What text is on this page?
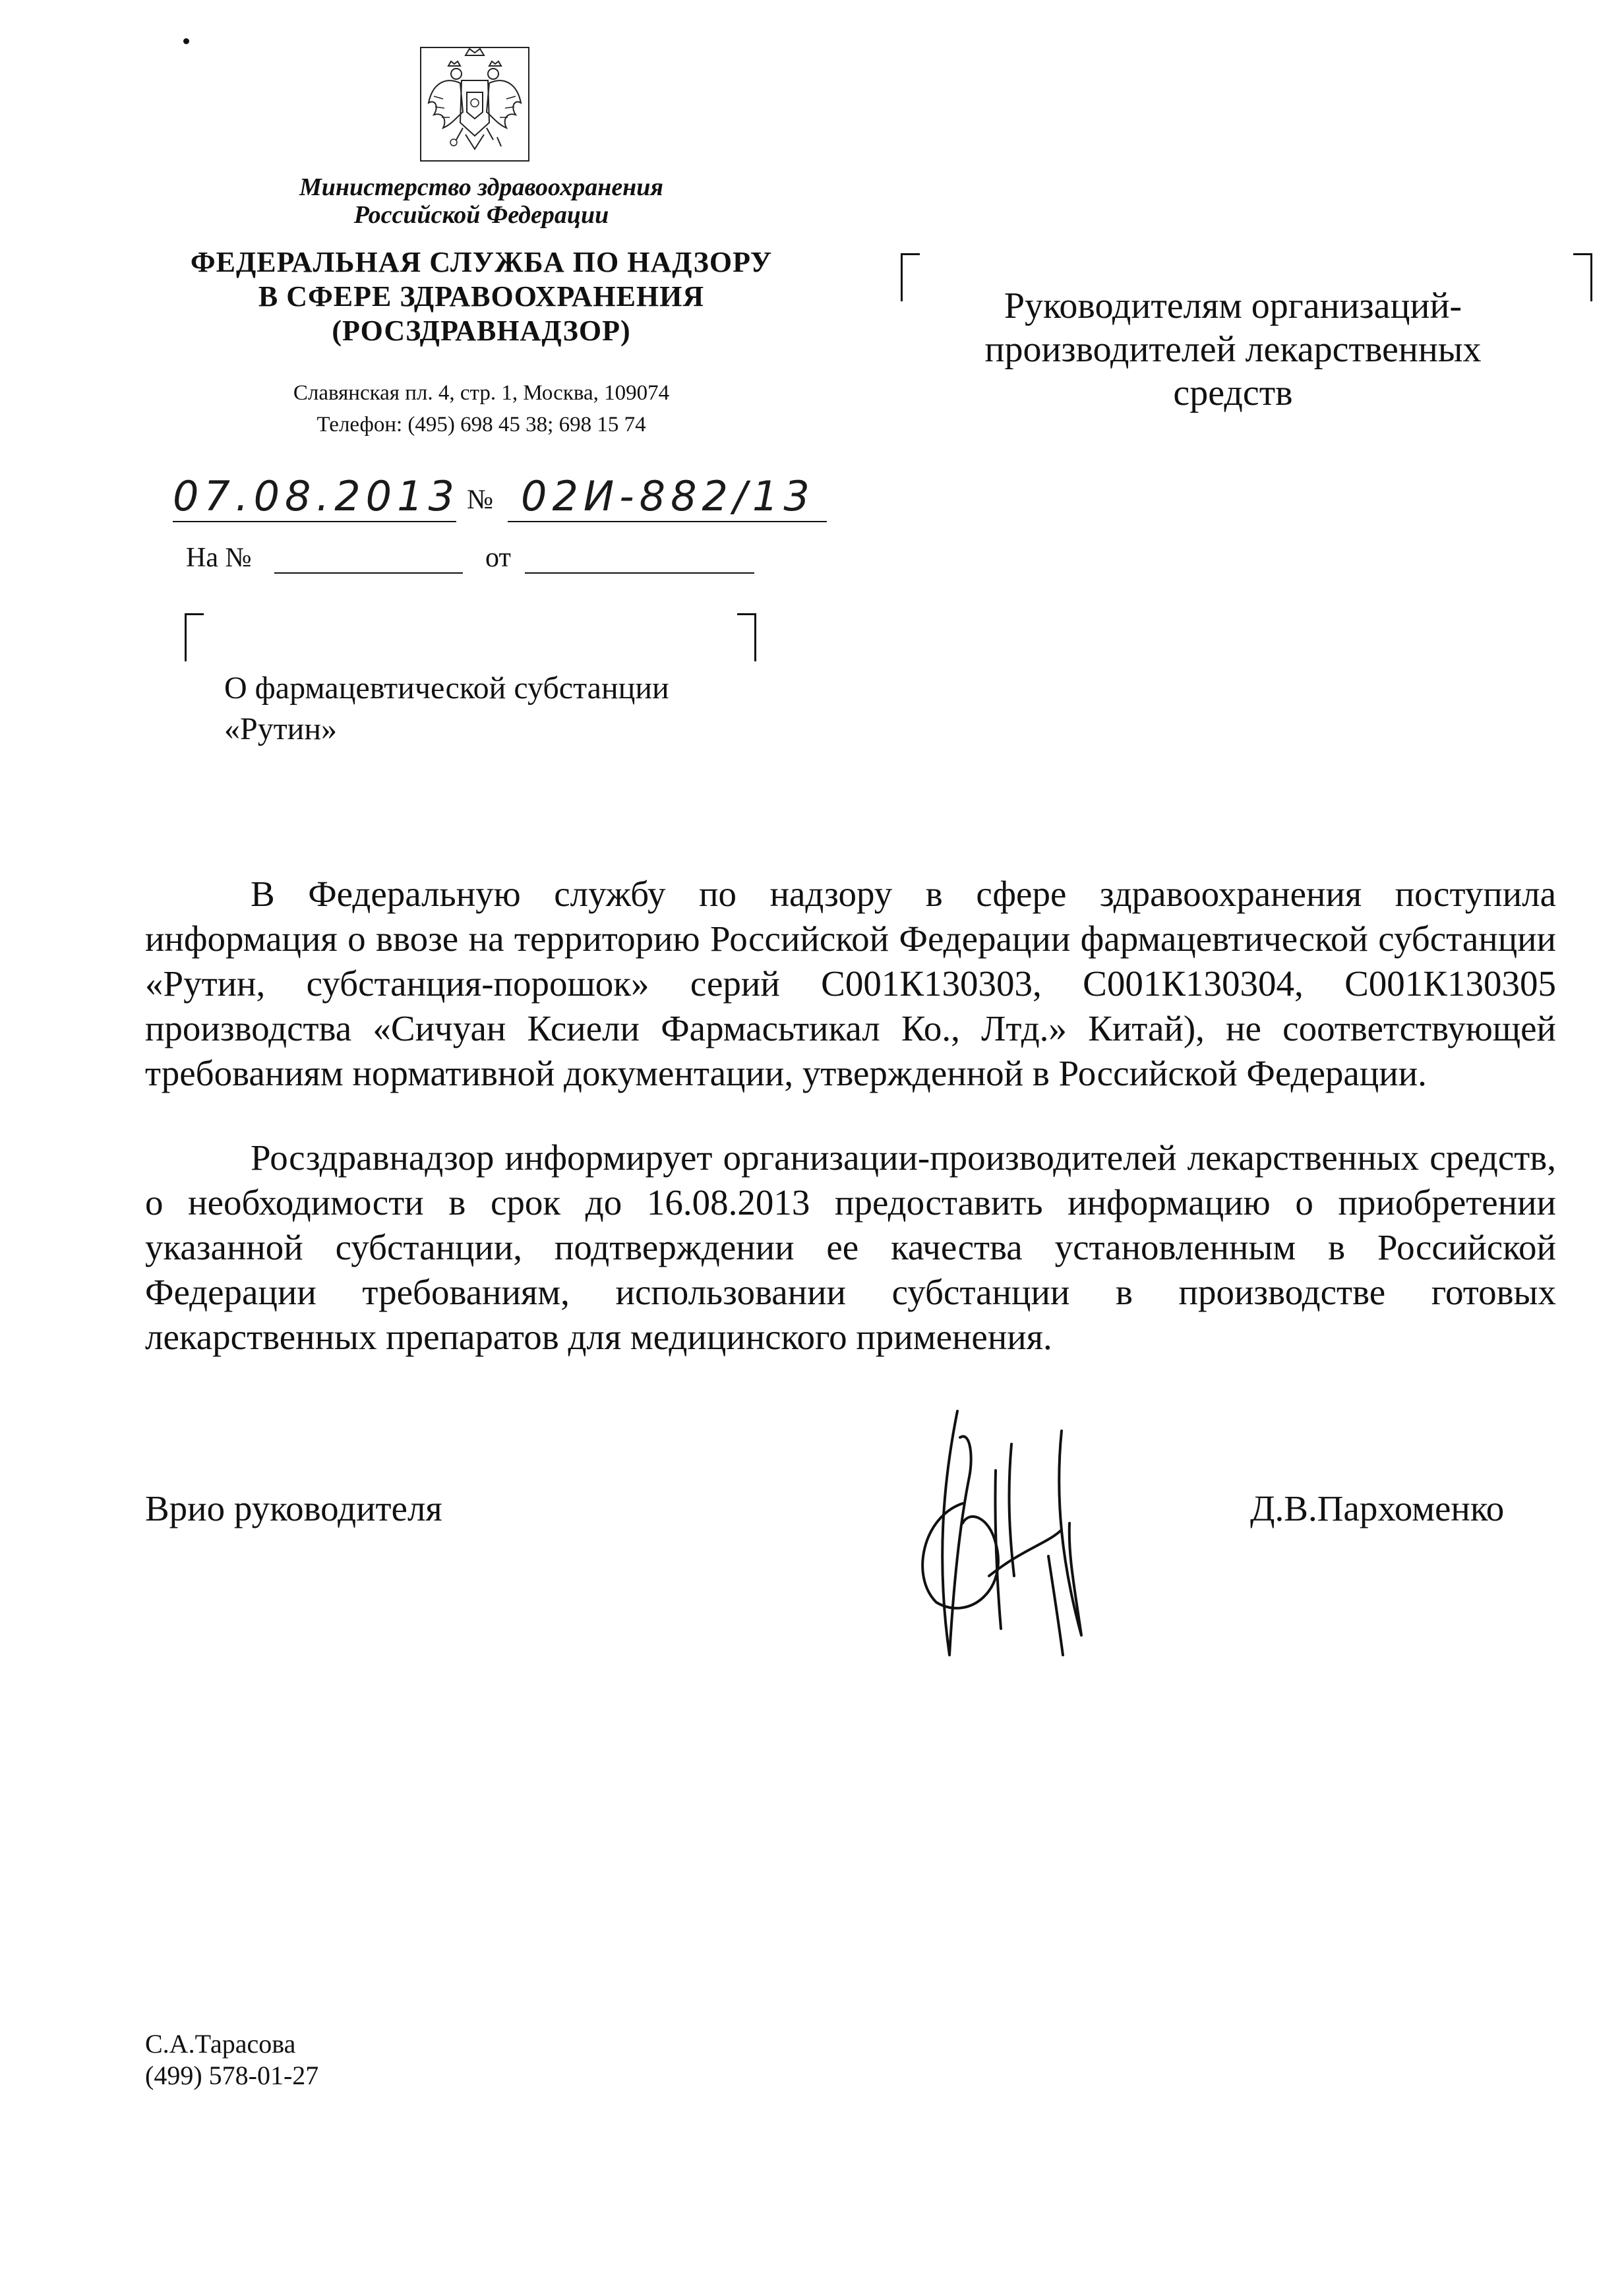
Министерство здравоохранения
Российской Федерации
ФЕДЕРАЛЬНАЯ СЛУЖБА ПО НАДЗОРУ
В СФЕРЕ ЗДРАВООХРАНЕНИЯ
(РОСЗДРАВНАДЗОР)
Славянская пл. 4, стр. 1, Москва, 109074
Телефон: (495) 698 45 38; 698 15 74
07.08.2013 № 02И-882/13
На №	от
Руководителям организаций-
производителей лекарственных
средств
О фармацевтической субстанции
«Рутин»

В Федеральную службу по надзору в сфере здравоохранения поступила информация о ввозе на территорию Российской Федерации фармацевтической субстанции «Рутин, субстанция-порошок» серий С001К130303, С001К130304, С001К130305 производства «Сичуан Ксиели Фармасьтикал Ко., Лтд.» Китай), не соответствующей требованиям нормативной документации, утвержденной в Российской Федерации.

Росздравнадзор информирует организации-производителей лекарственных средств, о необходимости в срок до 16.08.2013 предоставить информацию о приобретении указанной субстанции, подтверждении ее качества установленным в Российской Федерации требованиям, использовании субстанции в производстве готовых лекарственных препаратов для медицинского применения.

Врио руководителя	Д.В.Пархоменко
С.А.Тарасова
(499) 578-01-27
